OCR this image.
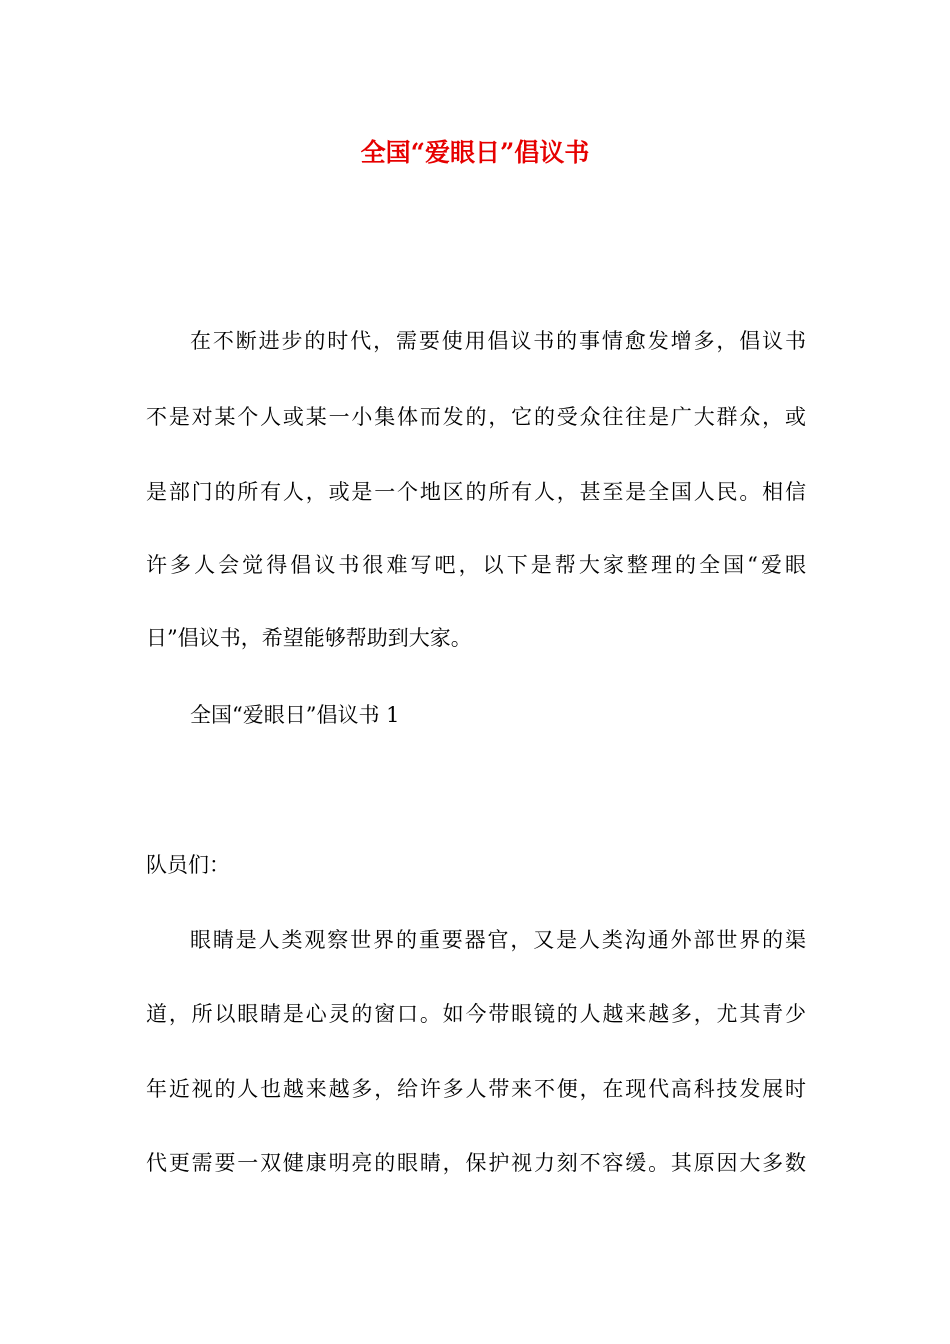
全国“爱眼日”倡议书
在不断进步的时代，需要使用倡议书的事情愈发增多，倡议书
不是对某个人或某一小集体而发的，它的受众往往是广大群众，或
是部门的所有人，或是一个地区的所有人，甚至是全国人民。相信
许多人会觉得倡议书很难写吧，以下是帮大家整理的全国“爱眼
日”倡议书，希望能够帮助到大家。
全国“爱眼日”倡议书 1
队员们：
眼睛是人类观察世界的重要器官，又是人类沟通外部世界的渠
道，所以眼睛是心灵的窗口。如今带眼镜的人越来越多，尤其青少
年近视的人也越来越多，给许多人带来不便，在现代高科技发展时
代更需要一双健康明亮的眼睛，保护视力刻不容缓。其原因大多数
